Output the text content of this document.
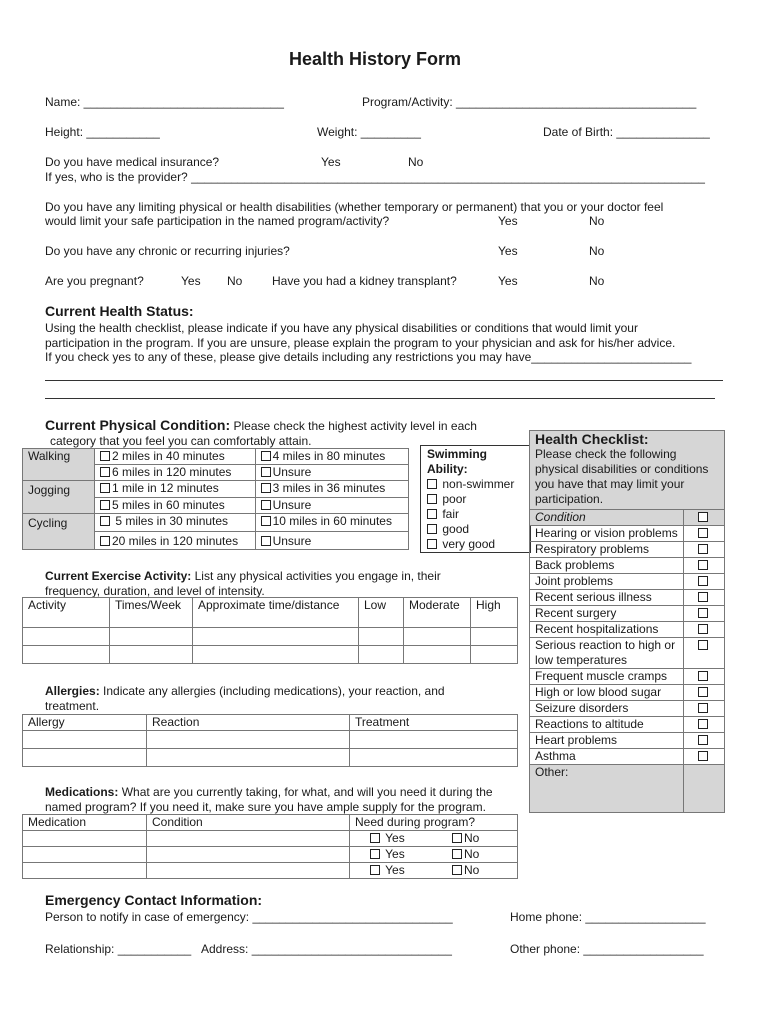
Health History Form
Name: ______________________________	Program/Activity: ____________________________________
Height: ___________	Weight: _________	Date of Birth: ______________
Do you have medical insurance?	Yes	No
If yes, who is the provider? _____________________________________________________________________________
Do you have any limiting physical or health disabilities (whether temporary or permanent) that you or your doctor feel
would limit your safe participation in the named program/activity?	Yes	No
Do you have any chronic or recurring injuries?	Yes	No
Are you pregnant?	Yes No Have you had a kidney transplant?	Yes	No
Current Health Status:
Using the health checklist, please indicate if you have any physical disabilities or conditions that would limit your
participation in the program. If you are unsure, please explain the program to your physician and ask for his/her advice.
If you check yes to any of these, please give details including any restrictions you may have________________________
Current Physical Condition: Please check the highest activity level in each
category that you feel you can comfortably attain.
Walking	2 miles in 40 minutes	4 miles in 80 minutes
	6 miles in 120 minutes	Unsure
Jogging	1 mile in 12 minutes	3 miles in 36 minutes
	5 miles in 60 minutes	Unsure
Cycling	5 miles in 30 minutes	10 miles in 60 minutes
	20 miles in 120 minutes	Unsure
Swimming
Ability:
non-swimmer
poor
fair
good
very good
Health Checklist:
Please check the following physical disabilities or conditions you have that may limit your participation.	

Condition	
Hearing or vision problems	
Respiratory problems	
Back problems	
Joint problems	
Recent serious illness	
Recent surgery	
Recent hospitalizations	
Serious reaction to high or low temperatures	
Frequent muscle cramps	
High or low blood sugar	
Seizure disorders	
Reactions to altitude	
Heart problems	
Asthma	
Other:	
Current Exercise Activity: List any physical activities you engage in, their
frequency, duration, and level of intensity.
Activity	Times/Week	Approximate time/distance	Low	Moderate	High

Allergies: Indicate any allergies (including medications), your reaction, and
treatment.
Allergy	Reaction	Treatment

Medications: What are you currently taking, for what, and will you need it during the
named program? If you need it, make sure you have ample supply for the program.
Medication	Condition	Need during program?
		Yes No
		Yes No
		Yes No
Emergency Contact Information:
Person to notify in case of emergency: ______________________________	Home phone: __________________
Relationship: ___________ Address: ______________________________	Other phone: __________________
